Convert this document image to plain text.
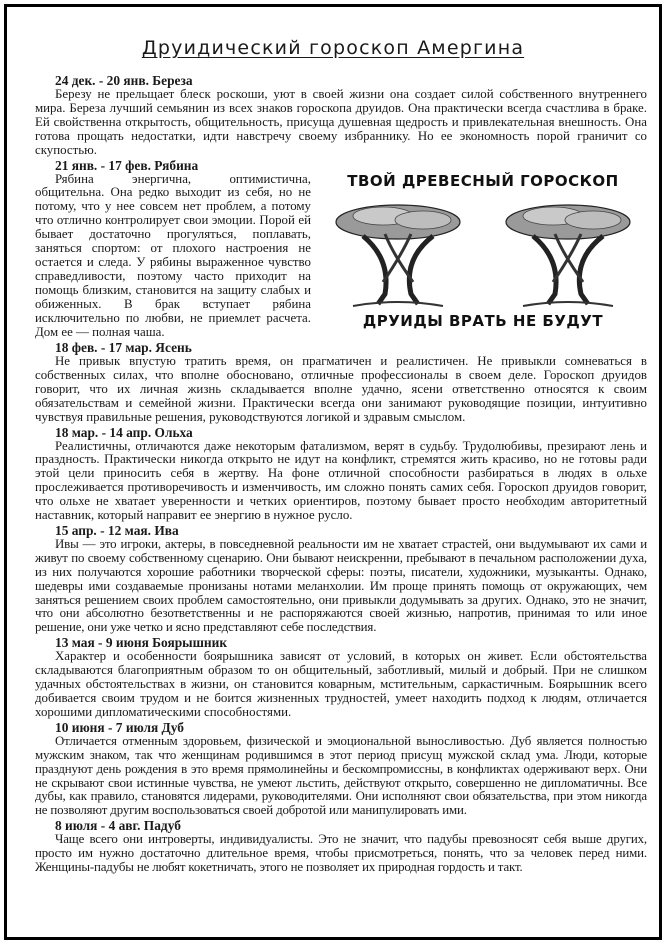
Друидический гороскоп Амергина

24 дек. - 20 янв. Береза

Березу не прельщает блеск роскоши, уют в своей жизни она создает силой собственного внутреннего мира. Береза лучший семьянин из всех знаков гороскопа друидов. Она практически всегда счастлива в браке. Ей свойственна открытость, общительность, присуща душевная щедрость и привлекательная внешность. Она готова прощать недостатки, идти навстречу своему избраннику. Но ее экономность порой граничит со скупостью.

21 янв. - 17 фев. Рябина

Рябина энергична, оптимистична, общительна. Она редко выходит из себя, но не потому, что у нее совсем нет проблем, а потому что отлично контролирует свои эмоции. Порой ей бывает достаточно прогуляться, поплавать, заняться спортом: от плохого настроения не остается и следа. У рябины выраженное чувство справедливости, поэтому часто приходит на помощь близким, становится на защиту слабых и обиженных. В брак вступает рябина исключительно по любви, не приемлет расчета. Дом ее — полная чаша.

ТВОЙ ДРЕВЕСНЫЙ ГОРОСКОП
ДРУИДЫ ВРАТЬ НЕ БУДУТ

18 фев. - 17 мар. Ясень

Не привык впустую тратить время, он прагматичен и реалистичен. Не привыкли сомневаться в собственных силах, что вполне обосновано, отличные профессионалы в своем деле. Гороскоп друидов говорит, что их личная жизнь складывается вполне удачно, ясени ответственно относятся к своим обязательствам и семейной жизни. Практически всегда они занимают руководящие позиции, интуитивно чувствуя правильные решения, руководствуются логикой и здравым смыслом.

18 мар. - 14 апр. Ольха

Реалистичны, отличаются даже некоторым фатализмом, верят в судьбу. Трудолюбивы, презирают лень и праздность. Практически никогда открыто не идут на конфликт, стремятся жить красиво, но не готовы ради этой цели приносить себя в жертву. На фоне отличной способности разбираться в людях в ольхе прослеживается противоречивость и изменчивость, им сложно понять самих себя. Гороскоп друидов говорит, что ольхе не хватает уверенности и четких ориентиров, поэтому бывает просто необходим авторитетный наставник, который направит ее энергию в нужное русло.

15 апр. - 12 мая. Ива

Ивы — это игроки, актеры, в повседневной реальности им не хватает страстей, они выдумывают их сами и живут по своему собственному сценарию. Они бывают неискренни, пребывают в печальном расположении духа, из них получаются хорошие работники творческой сферы: поэты, писатели, художники, музыканты. Однако, шедевры ими создаваемые пронизаны нотами меланхолии. Им проще принять помощь от окружающих, чем заняться решением своих проблем самостоятельно, они привыкли додумывать за других. Однако, это не значит, что они абсолютно безответственны и не распоряжаются своей жизнью, напротив, принимая то или иное решение, они уже четко и ясно представляют себе последствия.

13 мая - 9 июня Боярышник

Характер и особенности боярышника зависят от условий, в которых он живет. Если обстоятельства складываются благоприятным образом то он общительный, заботливый, милый и добрый. При не слишком удачных обстоятельствах в жизни, он становится коварным, мстительным, саркастичным. Боярышник всего добивается своим трудом и не боится жизненных трудностей, умеет находить подход к людям, отличается хорошими дипломатическими способностями.

10 июня - 7 июля Дуб

Отличается отменным здоровьем, физической и эмоциональной выносливостью. Дуб является полностью мужским знаком, так что женщинам родившимся в этот период присущ мужской склад ума. Люди, которые празднуют день рождения в это время прямолинейны и бескомпромиссны, в конфликтах одерживают верх. Они не скрывают свои истинные чувства, не умеют льстить, действуют открыто, совершенно не дипломатичны. Все дубы, как правило, становятся лидерами, руководителями. Они исполняют свои обязательства, при этом никогда не позволяют другим воспользоваться своей добротой или манипулировать ими.

8 июля - 4 авг. Падуб

Чаще всего они интроверты, индивидуалисты. Это не значит, что падубы превозносят себя выше других, просто им нужно достаточно длительное время, чтобы присмотреться, понять, что за человек перед ними. Женщины-падубы не любят кокетничать, этого не позволяет их природная гордость и такт.
